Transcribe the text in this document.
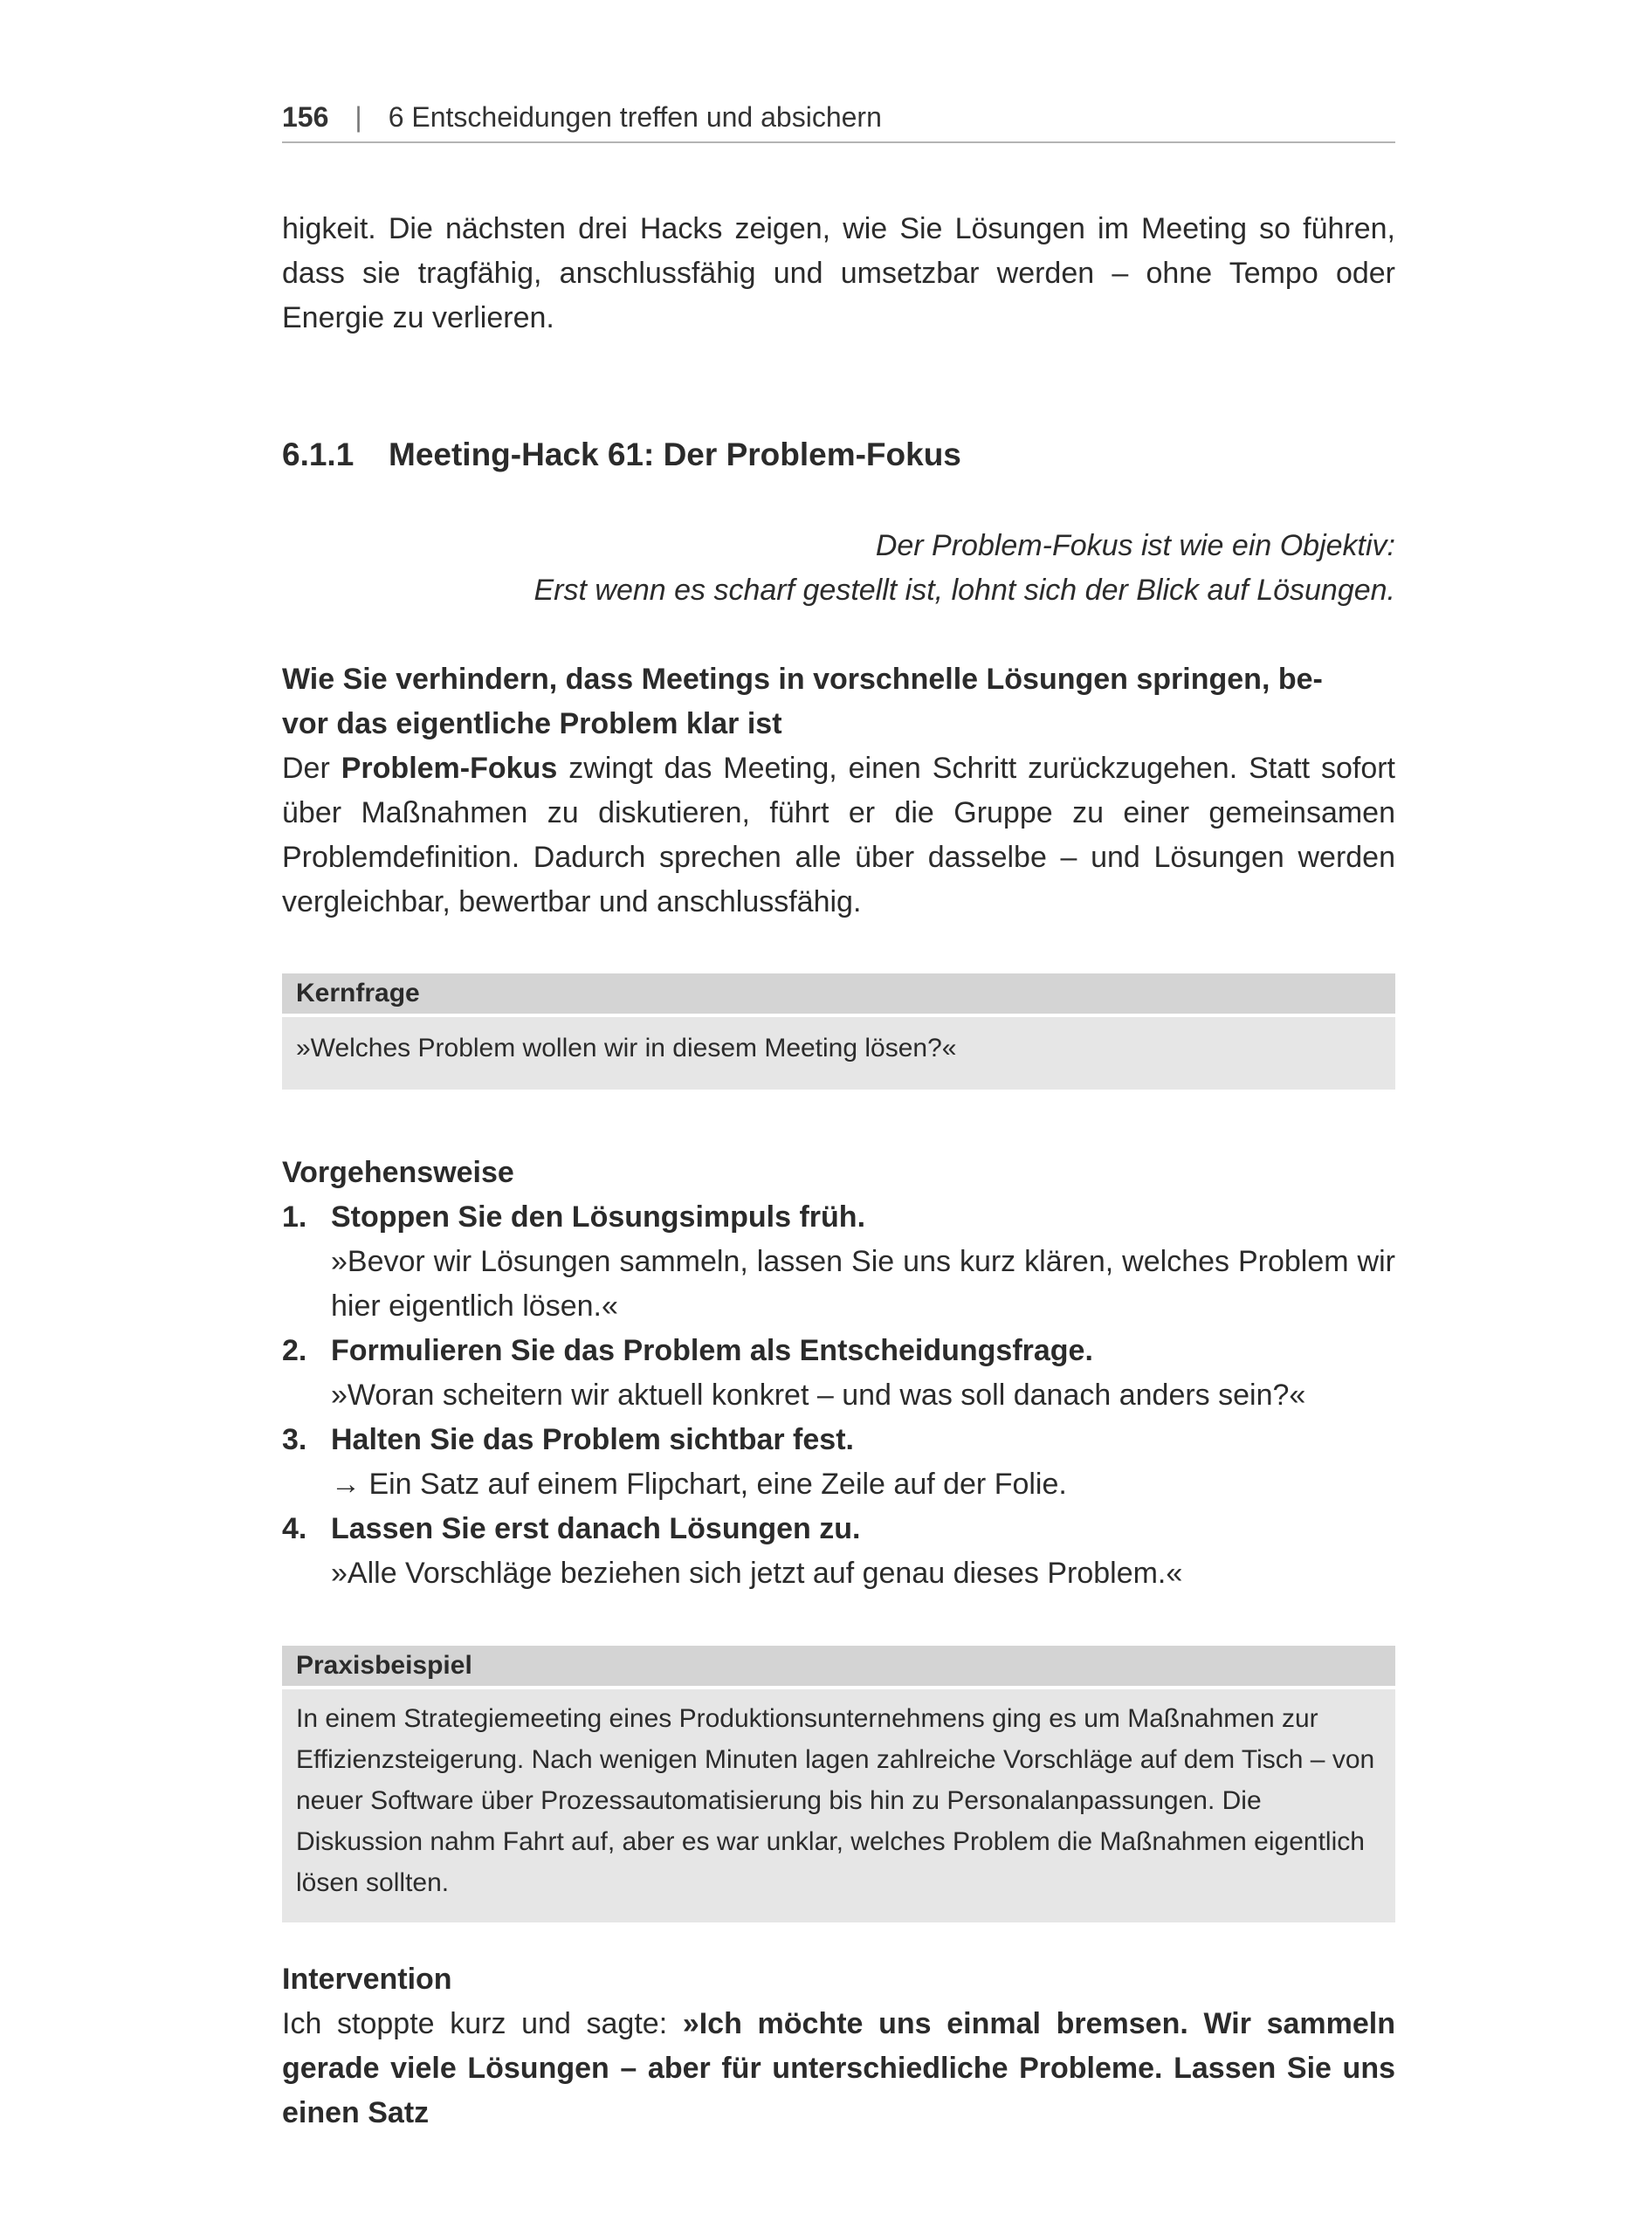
156 | 6 Entscheidungen treffen und absichern

higkeit. Die nächsten drei Hacks zeigen, wie Sie Lösungen im Meeting so führen, dass sie tragfähig, anschlussfähig und umsetzbar werden – ohne Tempo oder Energie zu verlieren.

6.1.1 Meeting-Hack 61: Der Problem-Fokus

Der Problem-Fokus ist wie ein Objektiv:

Erst wenn es scharf gestellt ist, lohnt sich der Blick auf Lösungen.

Wie Sie verhindern, dass Meetings in vorschnelle Lösungen springen, be-

vor das eigentliche Problem klar ist

Der Problem-Fokus zwingt das Meeting, einen Schritt zurückzugehen. Statt sofort über Maßnahmen zu diskutieren, führt er die Gruppe zu einer gemeinsamen Problemdefinition. Dadurch sprechen alle über dasselbe – und Lösungen werden vergleichbar, bewertbar und anschlussfähig.

Kernfrage
»Welches Problem wollen wir in diesem Meeting lösen?«

Vorgehensweise

1. Stoppen Sie den Lösungsimpuls früh.
»Bevor wir Lösungen sammeln, lassen Sie uns kurz klären, welches Problem wir hier eigentlich lösen.«
2. Formulieren Sie das Problem als Entscheidungsfrage.
»Woran scheitern wir aktuell konkret – und was soll danach anders sein?«
3. Halten Sie das Problem sichtbar fest.
→ Ein Satz auf einem Flipchart, eine Zeile auf der Folie.
4. Lassen Sie erst danach Lösungen zu.
»Alle Vorschläge beziehen sich jetzt auf genau dieses Problem.«
Praxisbeispiel
In einem Strategiemeeting eines Produktionsunternehmens ging es um Maßnahmen zur Effizienzsteigerung. Nach wenigen Minuten lagen zahlreiche Vorschläge auf dem Tisch – von neuer Software über Prozessautomatisierung bis hin zu Personalanpassungen. Die Diskussion nahm Fahrt auf, aber es war unklar, welches Problem die Maßnahmen eigentlich lösen sollten.

Intervention

Ich stoppte kurz und sagte: »Ich möchte uns einmal bremsen. Wir sammeln gerade viele Lösungen – aber für unterschiedliche Probleme. Lassen Sie uns einen Satz
